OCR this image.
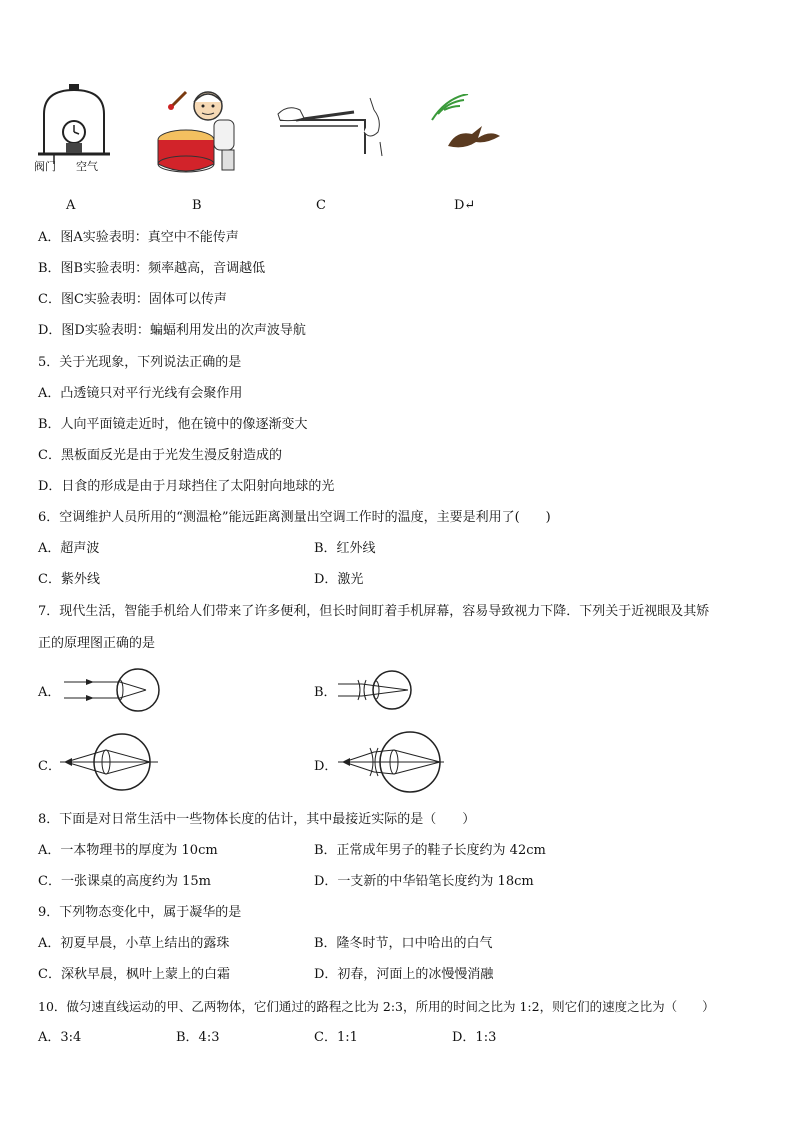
阀门 空气
A	B	C	D↵
A．图A实验表明：真空中不能传声
B．图B实验表明：频率越高，音调越低
C．图C实验表明：固体可以传声
D．图D实验表明：蝙蝠利用发出的次声波导航
5．关于光现象，下列说法正确的是
A．凸透镜只对平行光线有会聚作用
B．人向平面镜走近时，他在镜中的像逐渐变大
C．黑板面反光是由于光发生漫反射造成的
D．日食的形成是由于月球挡住了太阳射向地球的光
6．空调维护人员所用的“测温枪”能远距离测量出空调工作时的温度，主要是利用了(　　)
A．超声波	B．红外线
C．紫外线	D．激光
7．现代生活，智能手机给人们带来了许多便利，但长时间盯着手机屏幕，容易导致视力下降．下列关于近视眼及其矫
正的原理图正确的是
A．	B．
C．	D．
8．下面是对日常生活中一些物体长度的估计，其中最接近实际的是（　　）
A．一本物理书的厚度为 10cm	B．正常成年男子的鞋子长度约为 42cm
C．一张课桌的高度约为 15m	D．一支新的中华铅笔长度约为 18cm
9．下列物态变化中，属于凝华的是
A．初夏早晨，小草上结出的露珠	B．隆冬时节，口中哈出的白气
C．深秋早晨，枫叶上蒙上的白霜	D．初春，河面上的冰慢慢消融
10．做匀速直线运动的甲、乙两物体，它们通过的路程之比为 2:3，所用的时间之比为 1:2，则它们的速度之比为（　　）
A．3:4	B．4:3	C．1:1	D．1:3
